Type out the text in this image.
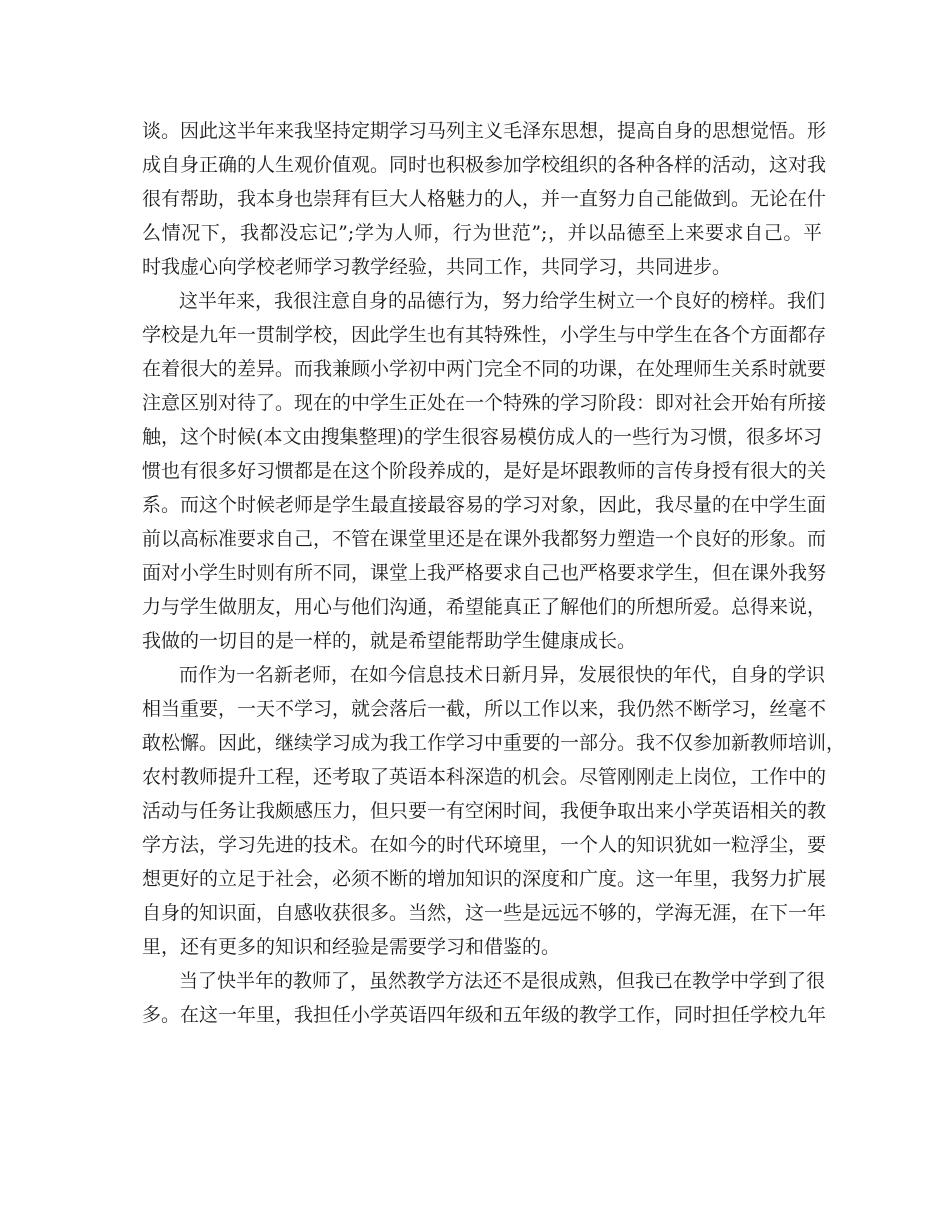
谈。因此这半年来我坚持定期学习马列主义毛泽东思想，提高自身的思想觉悟。形
成自身正确的人生观价值观。同时也积极参加学校组织的各种各样的活动，这对我
很有帮助，我本身也崇拜有巨大人格魅力的人，并一直努力自己能做到。无论在什
么情况下，我都没忘记”;学为人师，行为世范”;，并以品德至上来要求自己。平
时我虚心向学校老师学习教学经验，共同工作，共同学习，共同进步。
这半年来，我很注意自身的品德行为，努力给学生树立一个良好的榜样。我们
学校是九年一贯制学校，因此学生也有其特殊性，小学生与中学生在各个方面都存
在着很大的差异。而我兼顾小学初中两门完全不同的功课，在处理师生关系时就要
注意区别对待了。现在的中学生正处在一个特殊的学习阶段：即对社会开始有所接
触，这个时候(本文由搜集整理)的学生很容易模仿成人的一些行为习惯，很多坏习
惯也有很多好习惯都是在这个阶段养成的，是好是坏跟教师的言传身授有很大的关
系。而这个时候老师是学生最直接最容易的学习对象，因此，我尽量的在中学生面
前以高标准要求自己，不管在课堂里还是在课外我都努力塑造一个良好的形象。而
面对小学生时则有所不同，课堂上我严格要求自己也严格要求学生，但在课外我努
力与学生做朋友，用心与他们沟通，希望能真正了解他们的所想所爱。总得来说，
我做的一切目的是一样的，就是希望能帮助学生健康成长。
而作为一名新老师，在如今信息技术日新月异，发展很快的年代，自身的学识
相当重要，一天不学习，就会落后一截，所以工作以来，我仍然不断学习，丝毫不
敢松懈。因此，继续学习成为我工作学习中重要的一部分。我不仅参加新教师培训，
农村教师提升工程，还考取了英语本科深造的机会。尽管刚刚走上岗位，工作中的
活动与任务让我颇感压力，但只要一有空闲时间，我便争取出来小学英语相关的教
学方法，学习先进的技术。在如今的时代环境里，一个人的知识犹如一粒浮尘，要
想更好的立足于社会，必须不断的增加知识的深度和广度。这一年里，我努力扩展
自身的知识面，自感收获很多。当然，这一些是远远不够的，学海无涯，在下一年
里，还有更多的知识和经验是需要学习和借鉴的。
当了快半年的教师了，虽然教学方法还不是很成熟，但我已在教学中学到了很
多。在这一年里，我担任小学英语四年级和五年级的教学工作，同时担任学校九年
